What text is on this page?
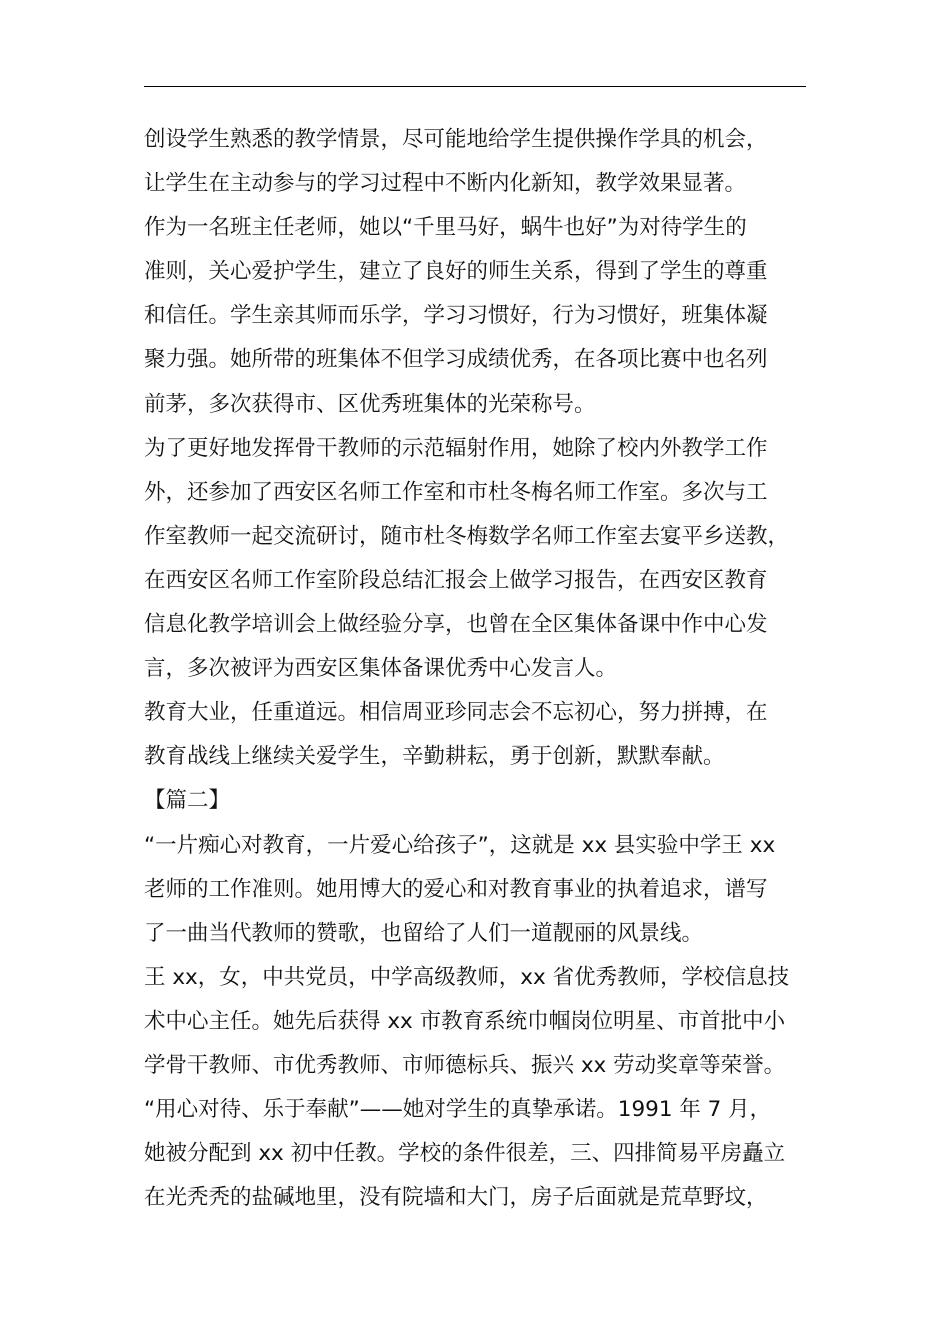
创设学生熟悉的教学情景，尽可能地给学生提供操作学具的机会，
让学生在主动参与的学习过程中不断内化新知，教学效果显著。
作为一名班主任老师，她以“千里马好，蜗牛也好”为对待学生的
准则，关心爱护学生，建立了良好的师生关系，得到了学生的尊重
和信任。学生亲其师而乐学，学习习惯好，行为习惯好，班集体凝
聚力强。她所带的班集体不但学习成绩优秀，在各项比赛中也名列
前茅，多次获得市、区优秀班集体的光荣称号。
为了更好地发挥骨干教师的示范辐射作用，她除了校内外教学工作
外，还参加了西安区名师工作室和市杜冬梅名师工作室。多次与工
作室教师一起交流研讨，随市杜冬梅数学名师工作室去宴平乡送教，
在西安区名师工作室阶段总结汇报会上做学习报告，在西安区教育
信息化教学培训会上做经验分享，也曾在全区集体备课中作中心发
言，多次被评为西安区集体备课优秀中心发言人。
教育大业，任重道远。相信周亚珍同志会不忘初心，努力拼搏，在
教育战线上继续关爱学生，辛勤耕耘，勇于创新，默默奉献。
【篇二】
“一片痴心对教育，一片爱心给孩子”，这就是 xx 县实验中学王 xx
老师的工作准则。她用博大的爱心和对教育事业的执着追求，谱写
了一曲当代教师的赞歌，也留给了人们一道靓丽的风景线。
王 xx，女，中共党员，中学高级教师，xx 省优秀教师，学校信息技
术中心主任。她先后获得 xx 市教育系统巾帼岗位明星、市首批中小
学骨干教师、市优秀教师、市师德标兵、振兴 xx 劳动奖章等荣誉。
“用心对待、乐于奉献”——她对学生的真挚承诺。1991 年 7 月，
她被分配到 xx 初中任教。学校的条件很差，三、四排简易平房矗立
在光秃秃的盐碱地里，没有院墙和大门，房子后面就是荒草野坟，
